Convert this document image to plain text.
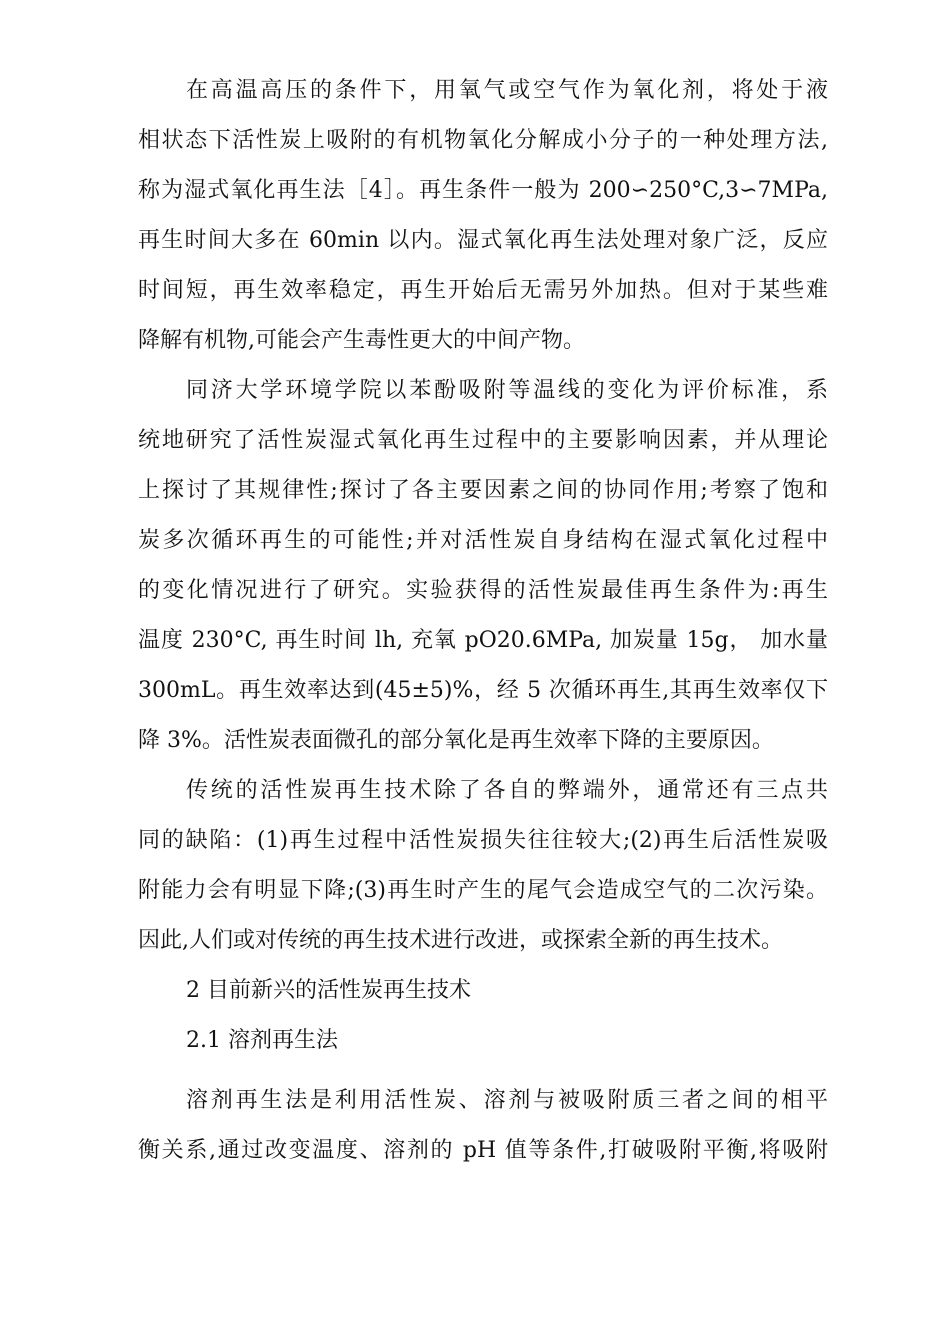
在高温高压的条件下，用氧气或空气作为氧化剂，将处于液
相状态下活性炭上吸附的有机物氧化分解成小分子的一种处理方法,
称为湿式氧化再生法［4］。再生条件一般为 200∽250°C,3∽7MPa,
再生时间大多在 60min 以内。湿式氧化再生法处理对象广泛，反应
时间短，再生效率稳定，再生开始后无需另外加热。但对于某些难
降解有机物,可能会产生毒性更大的中间产物。
同济大学环境学院以苯酚吸附等温线的变化为评价标准，系
统地研究了活性炭湿式氧化再生过程中的主要影响因素，并从理论
上探讨了其规律性;探讨了各主要因素之间的协同作用;考察了饱和
炭多次循环再生的可能性;并对活性炭自身结构在湿式氧化过程中
的变化情况进行了研究。实验获得的活性炭最佳再生条件为:再生
温度 230°C, 再生时间 lh, 充氧 pO20.6MPa, 加炭量 15g， 加水量
300mL。再生效率达到(45±5)%，经 5 次循环再生,其再生效率仅下
降 3%。活性炭表面微孔的部分氧化是再生效率下降的主要原因。
传统的活性炭再生技术除了各自的弊端外，通常还有三点共
同的缺陷：(1)再生过程中活性炭损失往往较大;(2)再生后活性炭吸
附能力会有明显下降;(3)再生时产生的尾气会造成空气的二次污染。
因此,人们或对传统的再生技术进行改进，或探索全新的再生技术。
2 目前新兴的活性炭再生技术
2.1 溶剂再生法
溶剂再生法是利用活性炭、溶剂与被吸附质三者之间的相平
衡关系,通过改变温度、溶剂的 pH 值等条件,打破吸附平衡,将吸附
